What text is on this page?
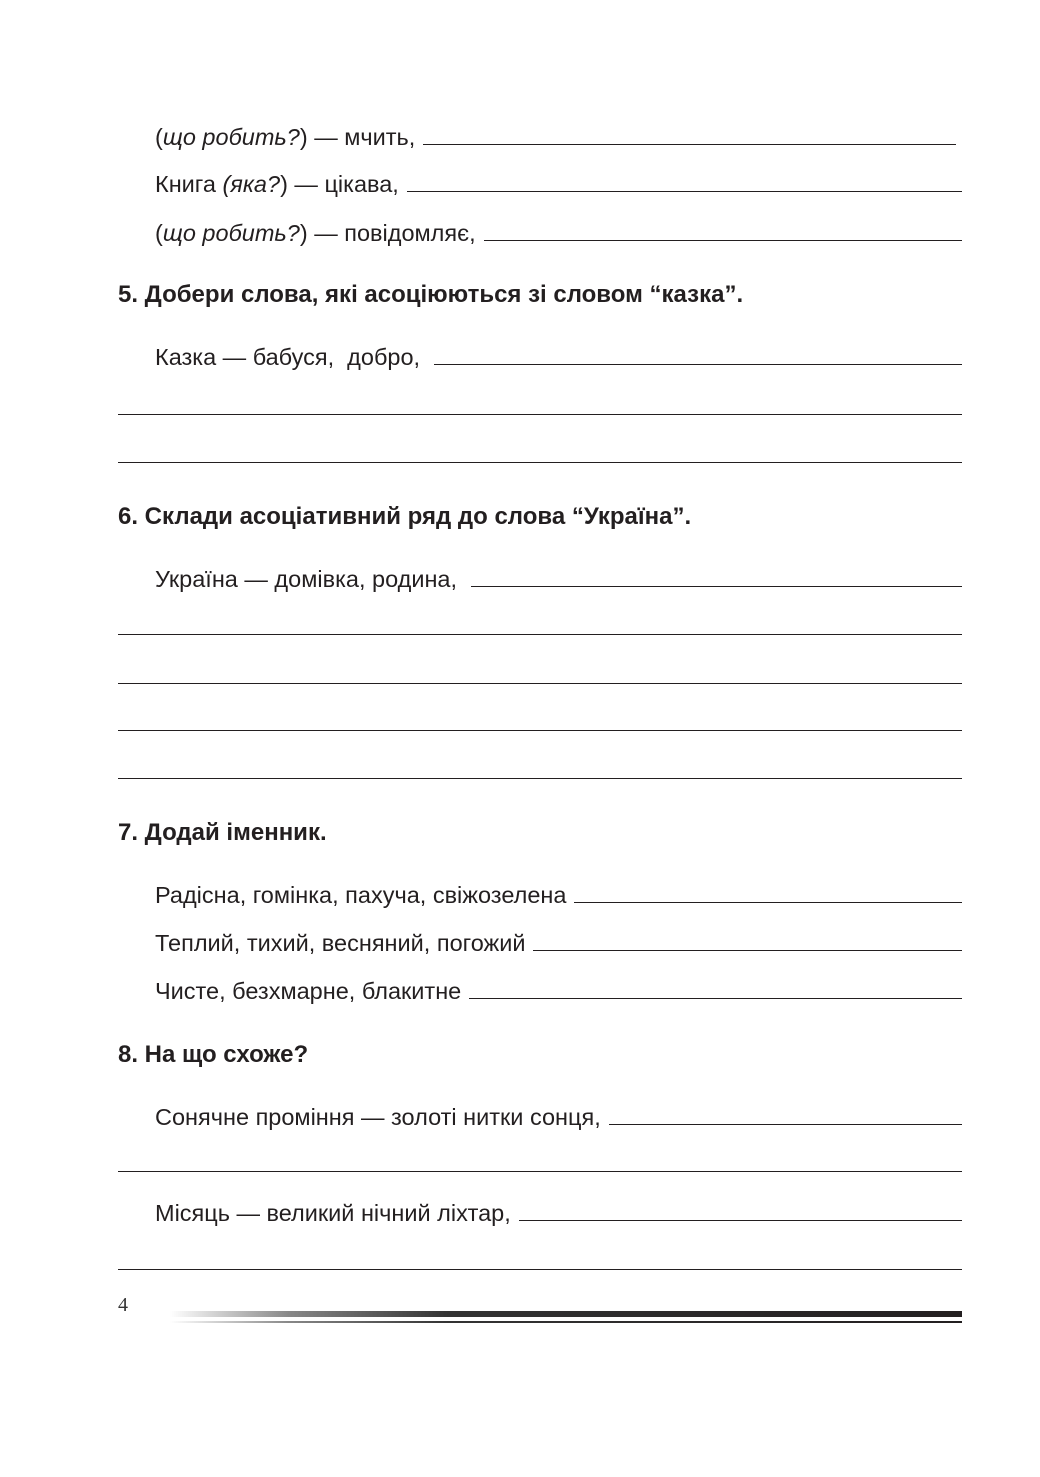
( що робить? ) — мчить,
Книга ( яка? ) — цікава,
( що робить? ) — повідомляє,
5. Добери слова, які асоціюються зі словом “казка”.
Казка — бабуся,  добро,
6. Склади асоціативний ряд до слова “Україна”.
Україна — домівка, родина,
7. Додай іменник.
Радісна, гомінка, пахуча, свіжозелена
Теплий, тихий, весняний, погожий
Чисте, безхмарне, блакитне
8. На що схоже?
Сонячне проміння — золоті нитки сонця,
Місяць — великий нічний ліхтар,
4
